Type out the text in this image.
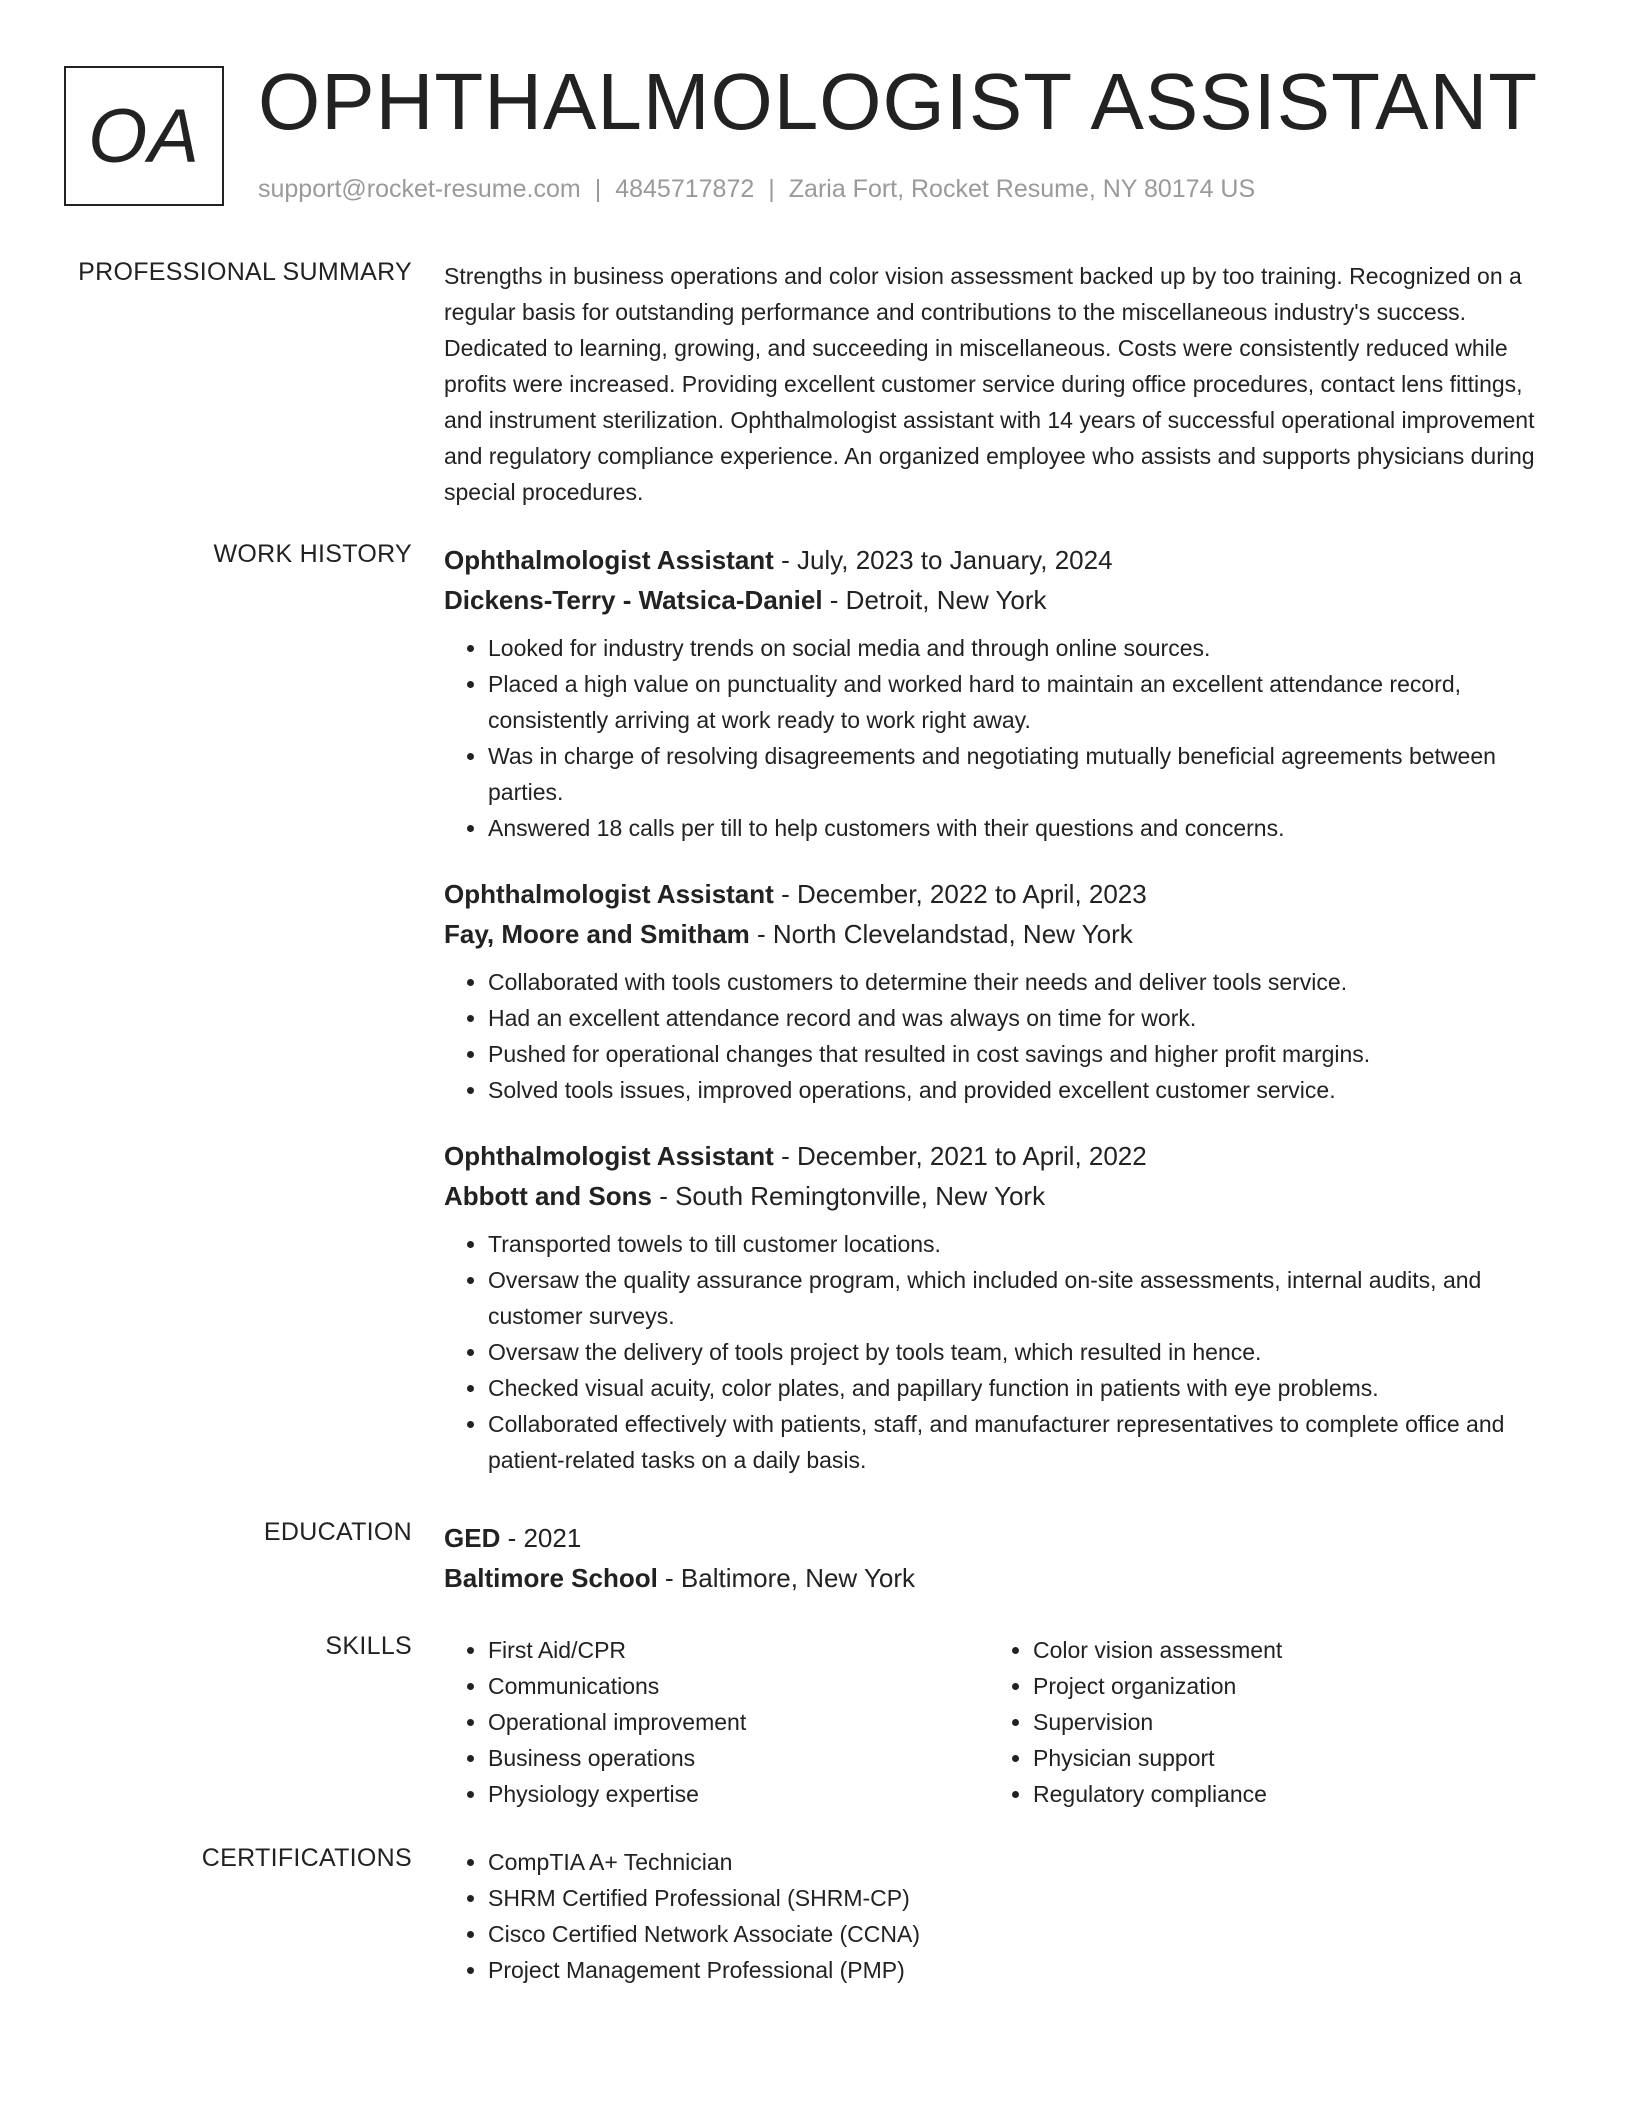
OA OPHTHALMOLOGIST ASSISTANT
support@rocket-resume.com | 4845717872 | Zaria Fort, Rocket Resume, NY 80174 US
PROFESSIONAL SUMMARY Strengths in business operations and color vision assessment backed up by too training. Recognized on a regular basis for outstanding performance and contributions to the miscellaneous industry's success. Dedicated to learning, growing, and succeeding in miscellaneous. Costs were consistently reduced while profits were increased. Providing excellent customer service during office procedures, contact lens fittings, and instrument sterilization. Ophthalmologist assistant with 14 years of successful operational improvement and regulatory compliance experience. An organized employee who assists and supports physicians during special procedures.

WORK HISTORY Ophthalmologist Assistant - July, 2023 to January, 2024
Dickens-Terry - Watsica-Daniel - Detroit, New York
• Looked for industry trends on social media and through online sources.
• Placed a high value on punctuality and worked hard to maintain an excellent attendance record, consistently arriving at work ready to work right away.
• Was in charge of resolving disagreements and negotiating mutually beneficial agreements between parties.
• Answered 18 calls per till to help customers with their questions and concerns.
Ophthalmologist Assistant - December, 2022 to April, 2023
Fay, Moore and Smitham - North Clevelandstad, New York
• Collaborated with tools customers to determine their needs and deliver tools service.
• Had an excellent attendance record and was always on time for work.
• Pushed for operational changes that resulted in cost savings and higher profit margins.
• Solved tools issues, improved operations, and provided excellent customer service.
Ophthalmologist Assistant - December, 2021 to April, 2022
Abbott and Sons - South Remingtonville, New York
• Transported towels to till customer locations.
• Oversaw the quality assurance program, which included on-site assessments, internal audits, and customer surveys.
• Oversaw the delivery of tools project by tools team, which resulted in hence.
• Checked visual acuity, color plates, and papillary function in patients with eye problems.
• Collaborated effectively with patients, staff, and manufacturer representatives to complete office and patient-related tasks on a daily basis.
EDUCATION GED - 2021
Baltimore School - Baltimore, New York
SKILLS	• First Aid/CPR
• Communications
• Operational improvement
• Business operations
• Physiology expertise
• Color vision assessment
• Project organization
• Supervision
• Physician support
• Regulatory compliance
CERTIFICATIONS	• CompTIA A+ Technician
• SHRM Certified Professional (SHRM-CP)
• Cisco Certified Network Associate (CCNA)
• Project Management Professional (PMP)
